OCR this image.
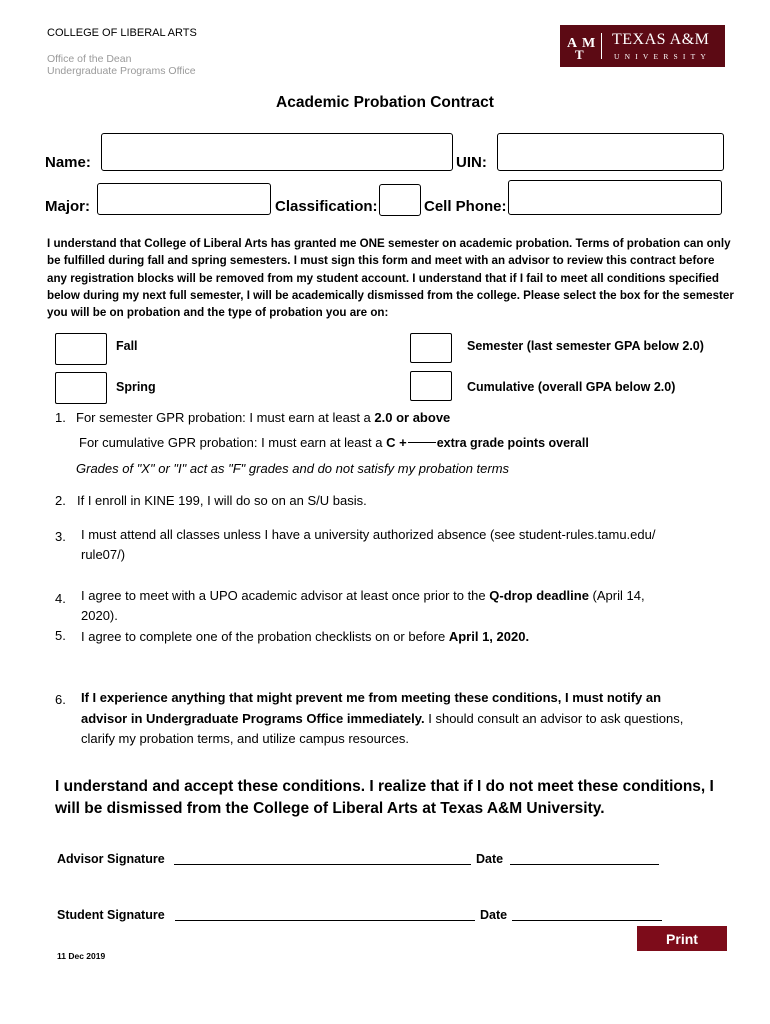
COLLEGE OF LIBERAL ARTS
Office of the Dean
Undergraduate Programs Office
A
T
M TEXAS A&M
UNIVERSITY
Academic Probation Contract
Name:	UIN:
Major:	Classification:	Cell Phone:
I understand that College of Liberal Arts has granted me ONE semester on academic probation. Terms of probation can only be fulfilled during fall and spring semesters. I must sign this form and meet with an advisor to review this contract before any registration blocks will be removed from my student account. I understand that if I fail to meet all conditions specified below during my next full semester, I will be academically dismissed from the college. Please select the box for the semester you will be on probation and the type of probation you are on:
Fall
Spring
Semester (last semester GPA below 2.0)
Cumulative (overall GPA below 2.0)
1. For semester GPR probation: I must earn at least a 2.0 or above
For cumulative GPR probation: I must earn at least a C + extra grade points overall
Grades of "X" or "I" act as "F" grades and do not satisfy my probation terms
2. If I enroll in KINE 199, I will do so on an S/U basis.
3. I must attend all classes unless I have a university authorized absence (see student-rules.tamu.edu/
rule07/)
4. I agree to meet with a UPO academic advisor at least once prior to the Q-drop deadline (April 14,
2020).
5. I agree to complete one of the probation checklists on or before April 1, 2020.
6. If I experience anything that might prevent me from meeting these conditions, I must notify an
advisor in Undergraduate Programs Office immediately. I should consult an advisor to ask questions,
clarify my probation terms, and utilize campus resources.
I understand and accept these conditions. I realize that if I do not meet these conditions, I will be dismissed from the College of Liberal Arts at Texas A&M University.
Advisor Signature	Date
Student Signature	Date
Print
11 Dec 2019
